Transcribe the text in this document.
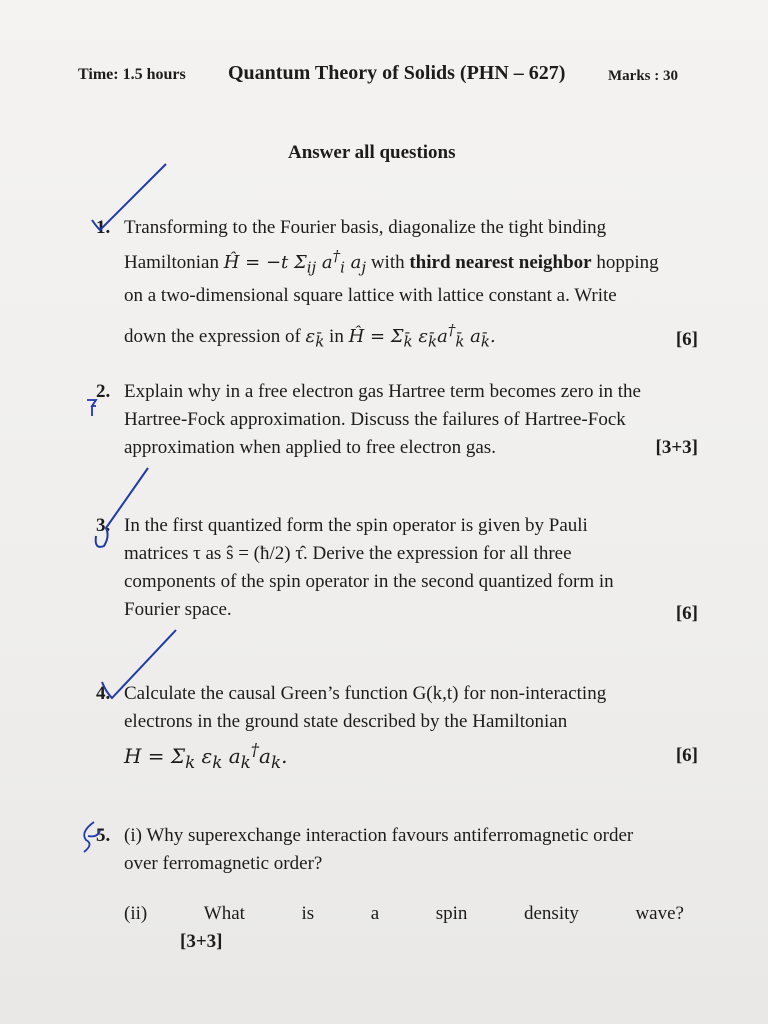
Time: 1.5 hours Quantum Theory of Solids (PHN – 627)	Marks : 30
Answer all questions
1. Transforming to the Fourier basis, diagonalize the tight binding
Hamiltonian Ĥ = −t $\Sigma_{ij}$ $a^\dagger_i$ $a_j$ with third nearest neighbor hopping
on a two-dimensional square lattice with lattice constant a. Write
down the expression of $\varepsilon_{k̄}$ in Ĥ = $\Sigma_{k̄}$ $\varepsilon_{k̄}a^\dagger_{k̄}$ $a_{k̄}$.	[6]
2. Explain why in a free electron gas Hartree term becomes zero in the
Hartree-Fock approximation. Discuss the failures of Hartree-Fock
approximation when applied to free electron gas.	[3+3]
3. In the first quantized form the spin operator is given by Pauli
matrices τ as ŝ = (ħ/2) τ̂. Derive the expression for all three
components of the spin operator in the second quantized form in
Fourier space.	[6]
4. Calculate the causal Green’s function G(k,t) for non-interacting
electrons in the ground state described by the Hamiltonian
$H = \Sigma_k$ $\varepsilon_k$ $a_k^\dagger a_k$.	[6]
5. (i) Why superexchange interaction favours antiferromagnetic order
over ferromagnetic order?
(ii)	What	is	a	spin	density	wave?
[3+3]
